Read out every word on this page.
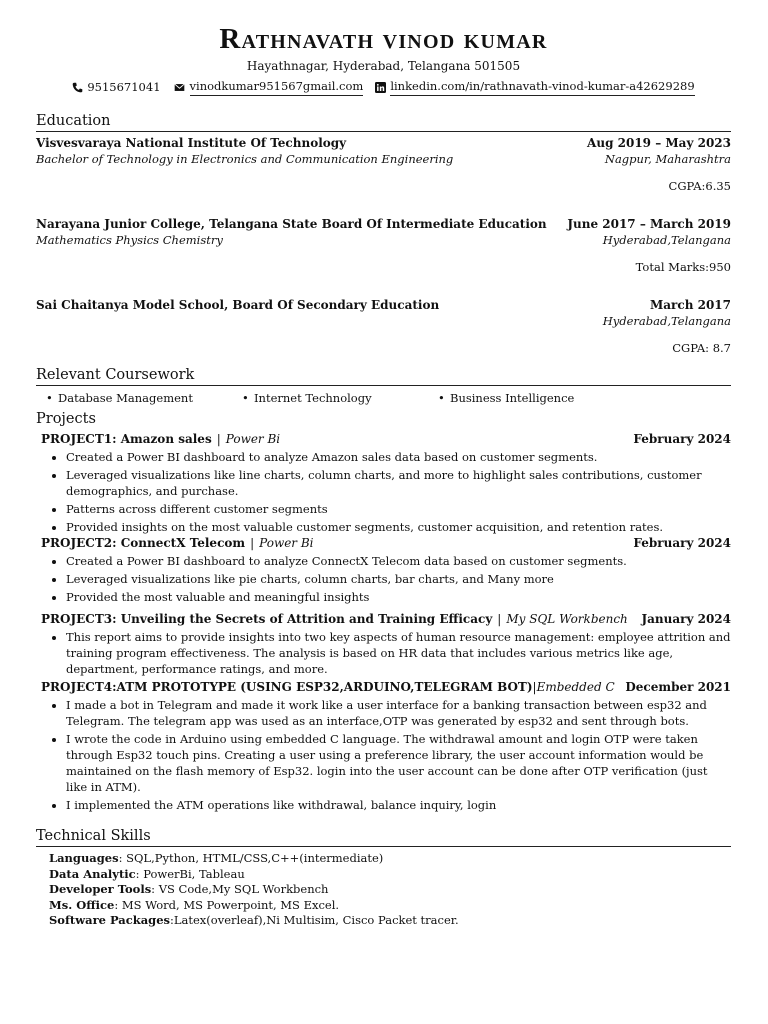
Rathnavath vinod kumar
Hayathnagar, Hyderabad, Telangana 501505
9515671041	vinodkumar951567gmail.com linkedin.com/in/rathnavath-vinod-kumar-a42629289
Education
Visvesvaraya National Institute Of Technology	Aug 2019 – May 2023
Bachelor of Technology in Electronics and Communication Engineering	Nagpur, Maharashtra
CGPA:6.35
Narayana Junior College, Telangana State Board Of Intermediate Education June 2017 – March 2019
Mathematics Physics Chemistry	Hyderabad,Telangana
Total Marks:950
Sai Chaitanya Model School, Board Of Secondary Education	March 2017
Hyderabad,Telangana
CGPA: 8.7
Relevant Coursework
• Database Management	• Internet Technology	• Business Intelligence
Projects
PROJECT1: Amazon sales | Power Bi	February 2024
• Created a Power BI dashboard to analyze Amazon sales data based on customer segments.
• Leveraged visualizations like line charts, column charts, and more to highlight sales contributions, customer demographics, and purchase.
• Patterns across different customer segments
• Provided insights on the most valuable customer segments, customer acquisition, and retention rates.
PROJECT2: ConnectX Telecom | Power Bi	February 2024
• Created a Power BI dashboard to analyze ConnectX Telecom data based on customer segments.
• Leveraged visualizations like pie charts, column charts, bar charts, and Many more
• Provided the most valuable and meaningful insights
PROJECT3: Unveiling the Secrets of Attrition and Training Efficacy | My SQL Workbench January 2024
• This report aims to provide insights into two key aspects of human resource management: employee attrition and training program effectiveness. The analysis is based on HR data that includes various metrics like age, department, performance ratings, and more.
PROJECT4:ATM PROTOTYPE (USING ESP32,ARDUINO,TELEGRAM BOT)|Embedded C December 2021
• I made a bot in Telegram and made it work like a user interface for a banking transaction between esp32 and Telegram. The telegram app was used as an interface,OTP was generated by esp32 and sent through bots.
• I wrote the code in Arduino using embedded C language. The withdrawal amount and login OTP were taken through Esp32 touch pins. Creating a user using a preference library, the user account information would be maintained on the flash memory of Esp32. login into the user account can be done after OTP verification (just like in ATM).
• I implemented the ATM operations like withdrawal, balance inquiry, login
Technical Skills
Languages: SQL,Python, HTML/CSS,C++(intermediate)
Data Analytic: PowerBi, Tableau
Developer Tools: VS Code,My SQL Workbench
Ms. Office: MS Word, MS Powerpoint, MS Excel.
Software Packages:Latex(overleaf),Ni Multisim, Cisco Packet tracer.
